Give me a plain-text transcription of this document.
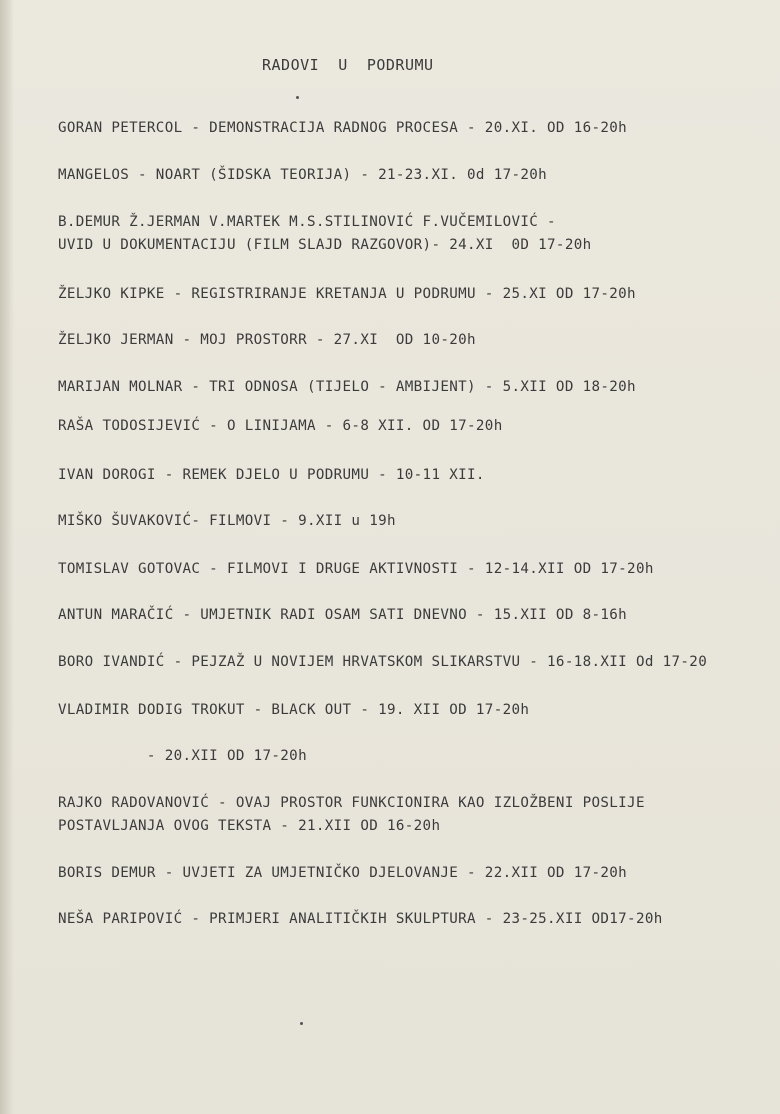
RADOVI  U  PODRUMU
GORAN PETERCOL - DEMONSTRACIJA RADNOG PROCESA - 20.XI. OD 16-20h
MANGELOS - NOART (ŠIDSKA TEORIJA) - 21-23.XI. 0d 17-20h
B.DEMUR Ž.JERMAN V.MARTEK M.S.STILINOVIĆ F.VUČEMILOVIĆ -
UVID U DOKUMENTACIJU (FILM SLAJD RAZGOVOR)- 24.XI  0D 17-20h
ŽELJKO KIPKE - REGISTRIRANJE KRETANJA U PODRUMU - 25.XI OD 17-20h
ŽELJKO JERMAN - MOJ PROSTORR - 27.XI  OD 10-20h
MARIJAN MOLNAR - TRI ODNOSA (TIJELO - AMBIJENT) - 5.XII OD 18-20h
RAŠA TODOSIJEVIĆ - O LINIJAMA - 6-8 XII. OD 17-20h
IVAN DOROGI - REMEK DJELO U PODRUMU - 10-11 XII.
MIŠKO ŠUVAKOVIĆ- FILMOVI - 9.XII u 19h
TOMISLAV GOTOVAC - FILMOVI I DRUGE AKTIVNOSTI - 12-14.XII OD 17-20h
ANTUN MARAČIĆ - UMJETNIK RADI OSAM SATI DNEVNO - 15.XII OD 8-16h
BORO IVANDIĆ - PEJZAŽ U NOVIJEM HRVATSKOM SLIKARSTVU - 16-18.XII Od 17-20
VLADIMIR DODIG TROKUT - BLACK OUT - 19. XII OD 17-20h
- 20.XII OD 17-20h
RAJKO RADOVANOVIĆ - OVAJ PROSTOR FUNKCIONIRA KAO IZLOŽBENI POSLIJE
POSTAVLJANJA OVOG TEKSTA - 21.XII OD 16-20h
BORIS DEMUR - UVJETI ZA UMJETNIČKO DJELOVANJE - 22.XII OD 17-20h
NEŠA PARIPOVIĆ - PRIMJERI ANALITIČKIH SKULPTURA - 23-25.XII OD17-20h
